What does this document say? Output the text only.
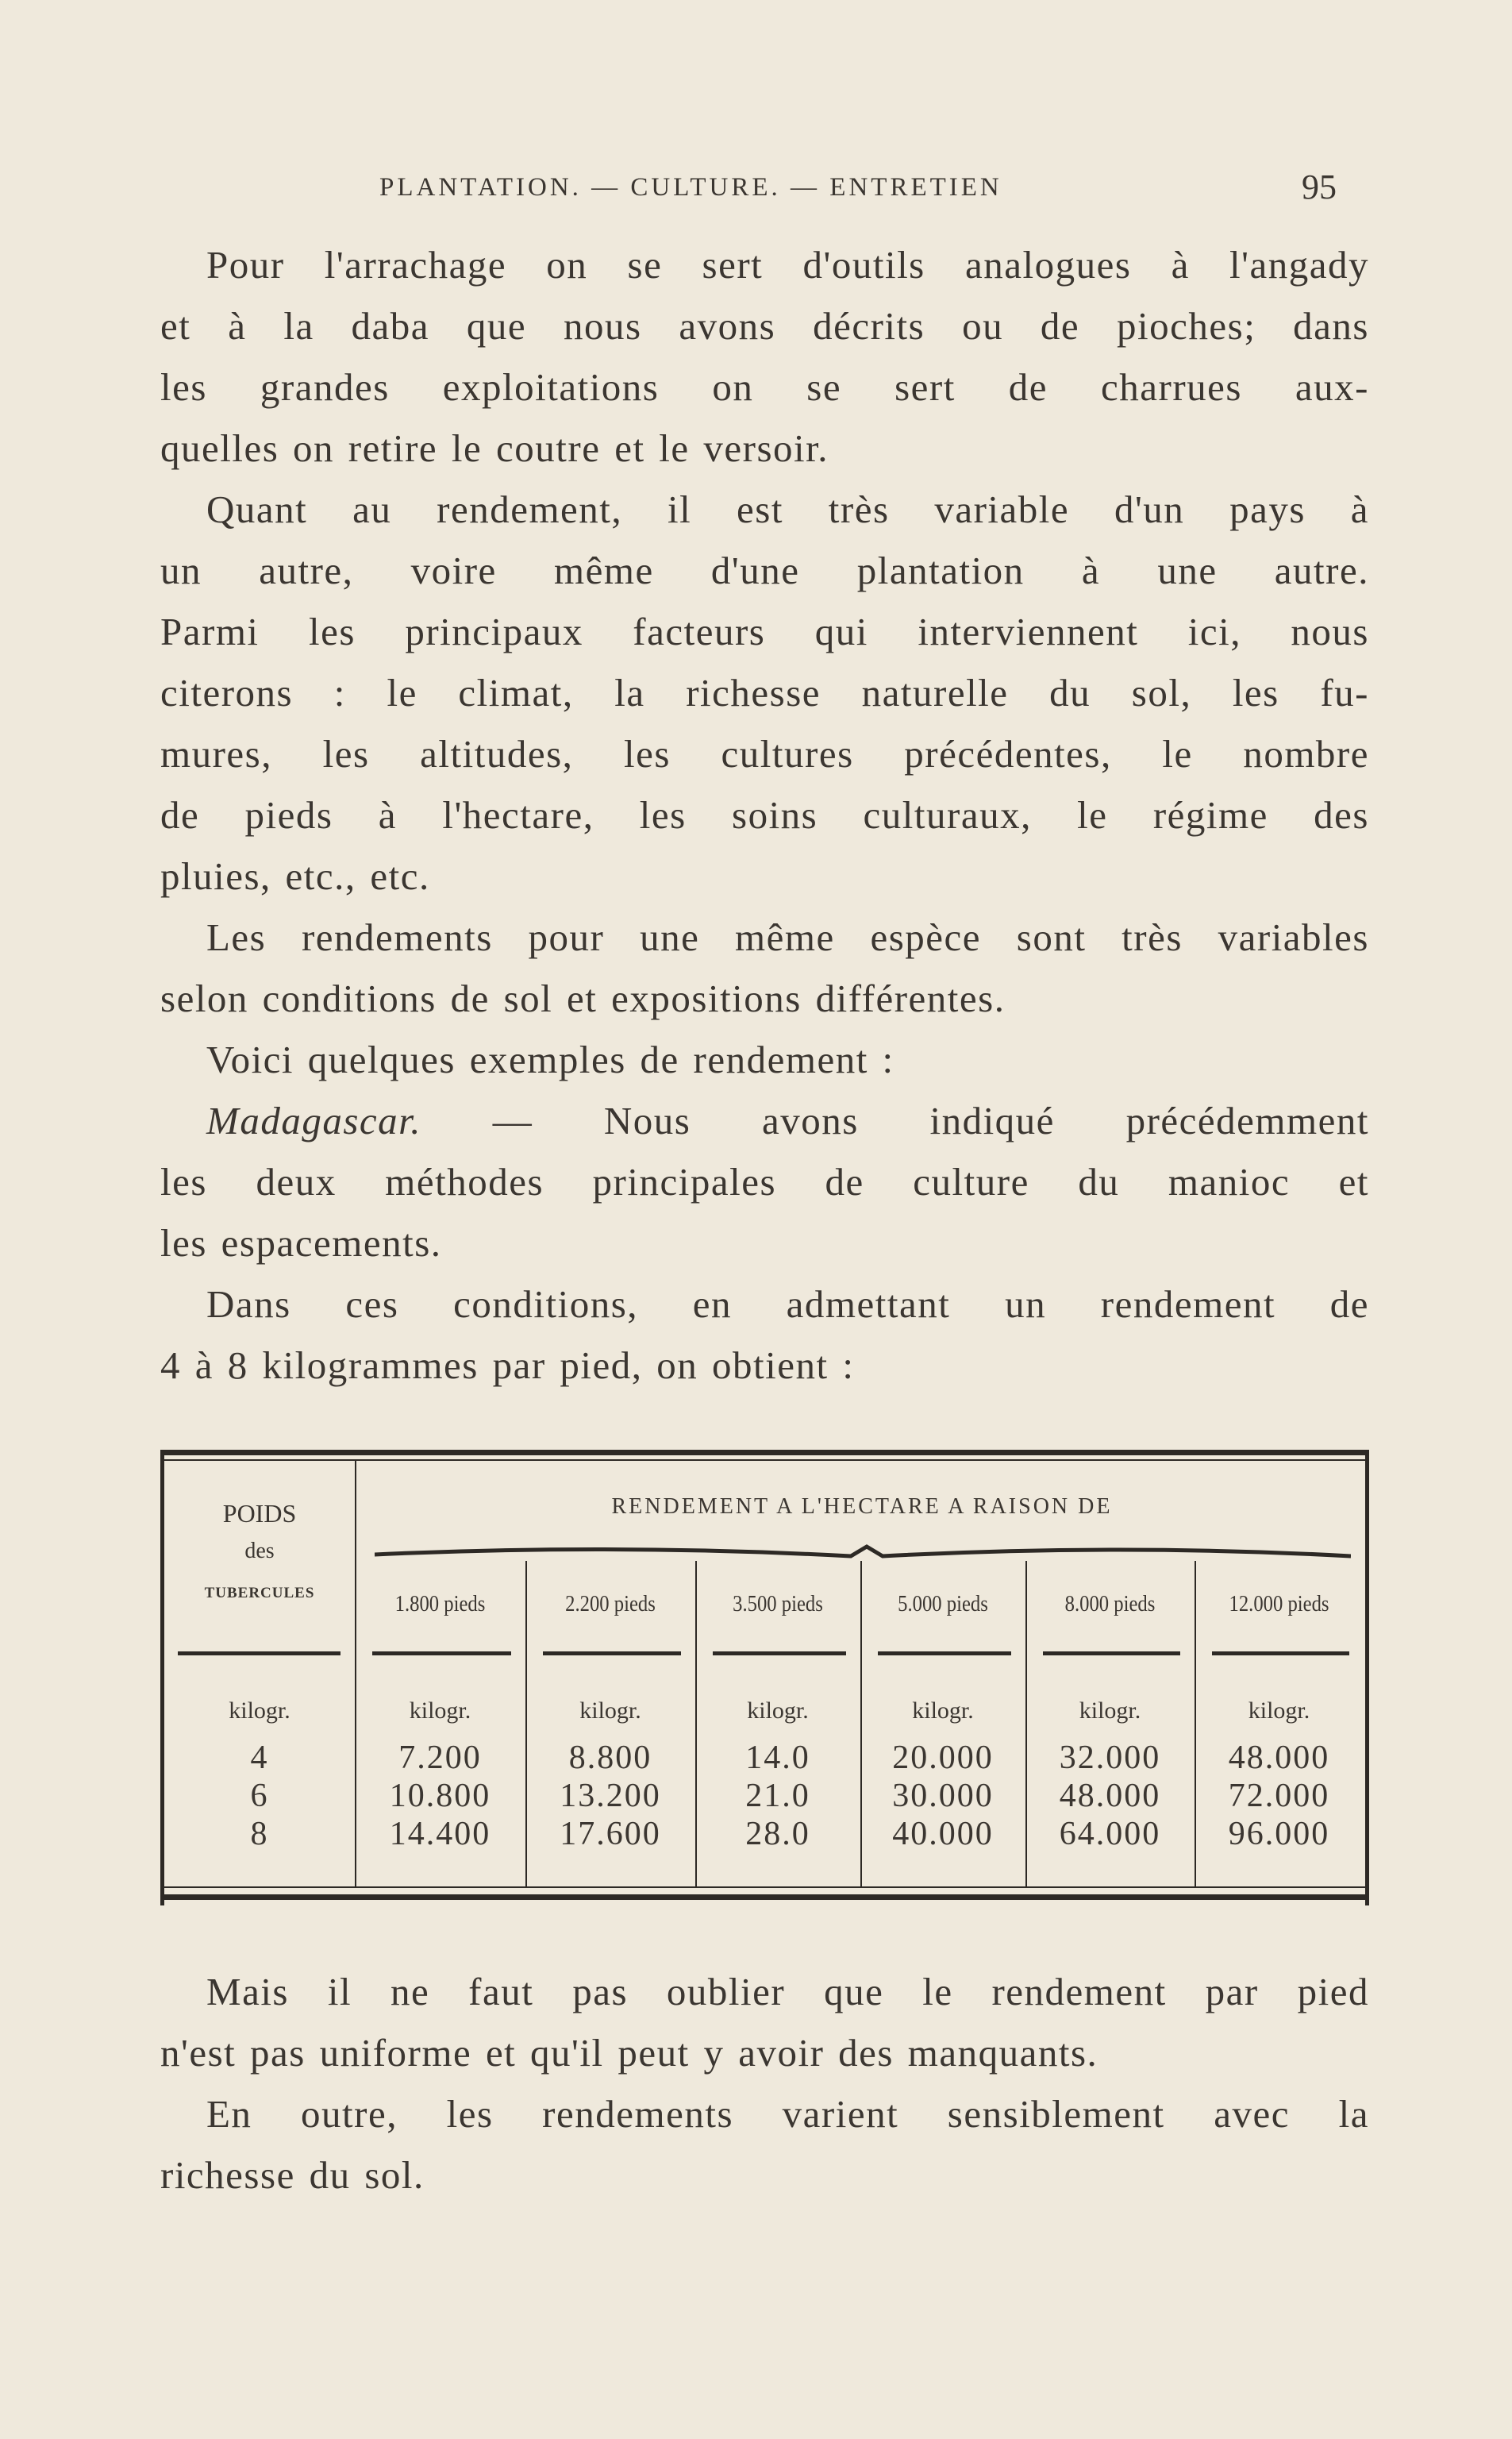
PLANTATION. — CULTURE. — ENTRETIEN	95
Pour l'arrachage on se sert d'outils analogues à l'angady
et à la daba que nous avons décrits ou de pioches; dans
les grandes exploitations on se sert de charrues aux-
quelles on retire le coutre et le versoir.
Quant au rendement, il est très variable d'un pays à
un autre, voire même d'une plantation à une autre.
Parmi les principaux facteurs qui interviennent ici, nous
citerons : le climat, la richesse naturelle du sol, les fu-
mures, les altitudes, les cultures précédentes, le nombre
de pieds à l'hectare, les soins culturaux, le régime des
pluies, etc., etc.
Les rendements pour une même espèce sont très variables
selon conditions de sol et expositions différentes.
Voici quelques exemples de rendement :
Madagascar. — Nous avons indiqué précédemment
les deux méthodes principales de culture du manioc et
les espacements.
Dans ces conditions, en admettant un rendement de
4 à 8 kilogrammes par pied, on obtient :
RENDEMENT A L'HECTARE A RAISON DE
POIDS
des
TUBERCULES
kilogr.
4
6
8
1.800 pieds
kilogr.
7.200
10.800
14.400
2.200 pieds
kilogr.
8.800
13.200
17.600
3.500 pieds
kilogr.
14.0
21.0
28.0
5.000 pieds
kilogr.
20.000
30.000
40.000
8.000 pieds
kilogr.
32.000
48.000
64.000
12.000 pieds
kilogr.
48.000
72.000
96.000
Mais il ne faut pas oublier que le rendement par pied
n'est pas uniforme et qu'il peut y avoir des manquants.
En outre, les rendements varient sensiblement avec la
richesse du sol.
